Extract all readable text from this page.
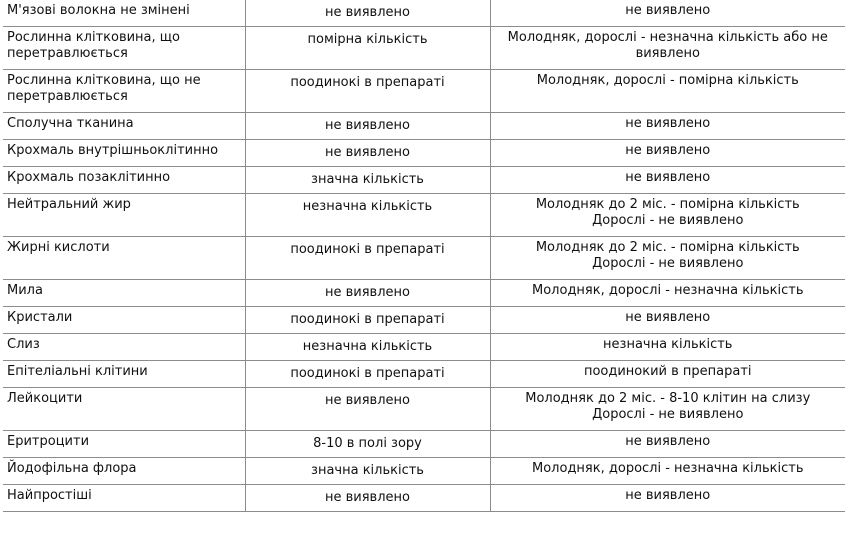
М'язові волокна не змінені	не виявлено	не виявлено

Рослинна клітковина, що перетравлюється	помірна кількість	Молодняк, дорослі - незначна кількість або не виявлено

Рослинна клітковина, що не перетравлюється	поодинокі в препараті	Молодняк, дорослі - помірна кількість

Сполучна тканина	не виявлено	не виявлено

Крохмаль внутрішньоклітинно	не виявлено	не виявлено

Крохмаль позаклітинно	значна кількість	не виявлено

Нейтральний жир	незначна кількість	Молодняк до 2 міс. - помірна кількість
Дорослі - не виявлено

Жирні кислоти	поодинокі в препараті	Молодняк до 2 міс. - помірна кількість
Дорослі - не виявлено

Мила	не виявлено	Молодняк, дорослі - незначна кількість

Кристали	поодинокі в препараті	не виявлено

Слиз	незначна кількість	незначна кількість

Епітеліальні клітини	поодинокі в препараті	поодинокий в препараті

Лейкоцити	не виявлено	Молодняк до 2 міс. - 8-10 клітин на слизу
Дорослі - не виявлено

Еритроцити	8-10 в полі зору	не виявлено

Йодофільна флора	значна кількість	Молодняк, дорослі - незначна кількість

Найпростіші	не виявлено	не виявлено
